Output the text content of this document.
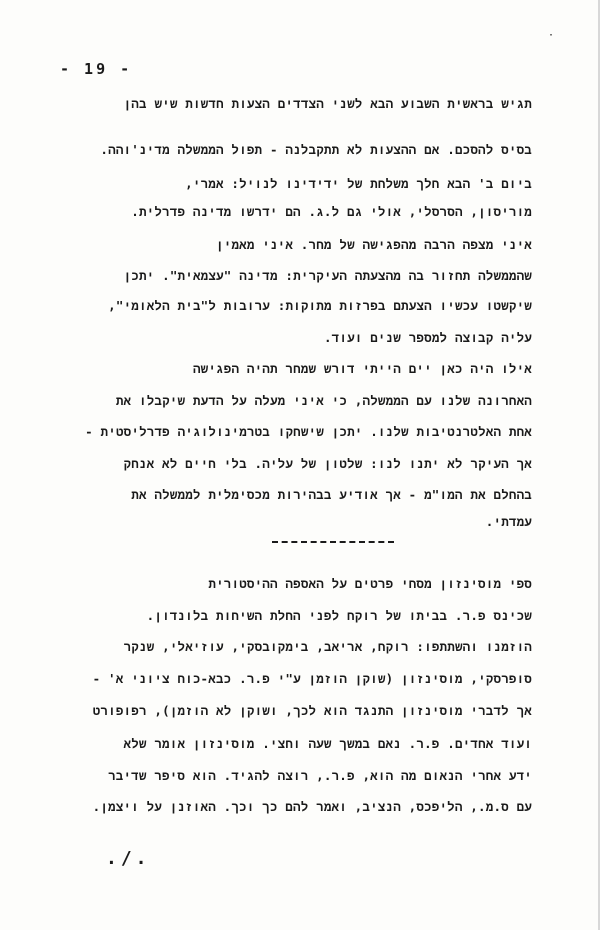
·
- 19 -
תגיש בראשית השבוע הבא לשני הצדדים הצעות חדשות שיש בהן
בסיס להסכם. אם ההצעות לא תתקבלנה - תפול הממשלה מדינ'והה.
ביום ב' הבא חלך משלחת של ידידינו לנויל: אמרי,
מוריסון, הסרסלי, אולי גם ל.ג. הם ידרשו מדינה פדרלית.
איני מצפה הרבה מהפגישה של מחר. איני מאמין
שהממשלה תחזור בה מהצעתה העיקרית: מדינה "עצמאית". יתכן
שיקשטו עכשיו הצעתם בפרזות מתוקות: ערובות ל"בית הלאומי",
עליה קבוצה למספר שנים ועוד.
אילו היה כאן יים הייתי דורש שמחר תהיה הפגישה
האחרונה שלנו עם הממשלה, כי איני מעלה על הדעת שיקבלו את
אחת האלטרנטיבות שלנו. יתכן שישחקו בטרמינולוגיה פדרליסטית -
אך העיקר לא יתנו לנו: שלטון של עליה. בלי חיים לא אנחק
בהחלם את המו"מ - אך אודיע בבהירות מכסימלית לממשלה את
עמדתי.
ספי מוסינזון מסחי פרטים על האספה ההיסטורית
שכינס פ.ר. בביתו של רוקח לפני החלת השיחות בלונדון.
הוזמנו והשתתפו: רוקח, אריאב, בימקובסקי, עוזיאלי, שנקר
סופרסקי, מוסינזון (שוקן הוזמן ע"י פ.ר. כבא-כוח ציוני א' -
אך לדברי מוסינזון התנגד הוא לכך, ושוקן לא הוזמן), רפופורט
ועוד אחדים. פ.ר. נאם במשך שעה וחצי. מוסינזון אומר שלא
ידע אחרי הנאום מה הוא, פ.ר., רוצה להגיד. הוא סיפר שדיבר
עם ס.מ., הליפכס, הנציב, ואמר להם כך וכך. האוזנן על ויצמן.
./.
